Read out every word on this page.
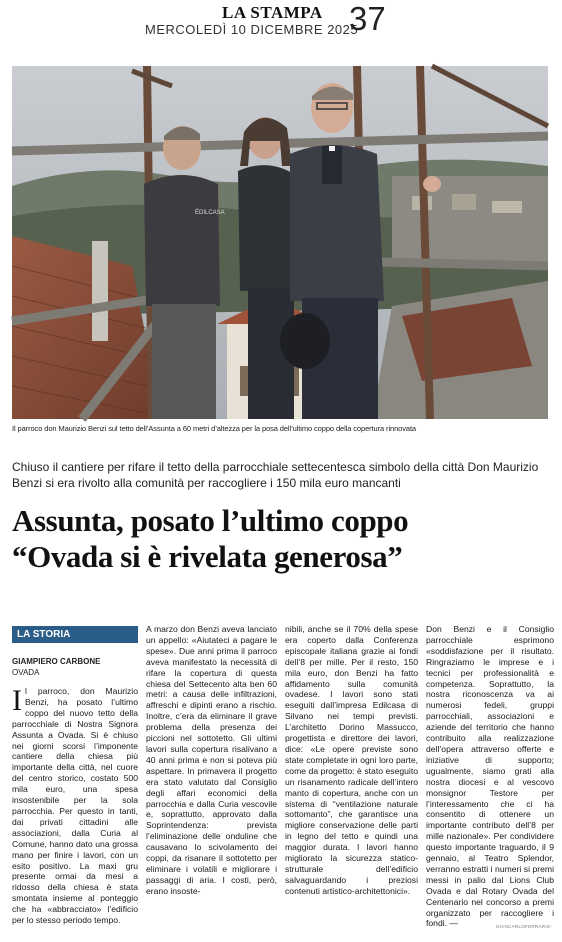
LA STAMPA
MERCOLEDÌ 10 DICEMBRE 2025
37
ÉDILCASA
Il parroco don Maurizio Benzi sul tetto dell’Assunta a 60 metri d’altezza per la posa dell’ultimo coppo della copertura rinnovata
Chiuso il cantiere per rifare il tetto della parrocchiale settecentesca simbolo della città Don Maurizio Benzi si era rivolto alla comunità per raccogliere i 150 mila euro mancanti
Assunta, posato l’ultimo coppo
“Ovada si è rivelata generosa”
LA STORIA
GIAMPIERO CARBONE
OVADA

Il parroco, don Maurizio Benzi, ha posato l’ultimo coppo del nuovo tetto della parrocchiale di Nostra Signora Assunta a Ovada. Si è chiuso nei giorni scorsi l’imponente cantiere della chiesa più importante della città, nel cuore del centro storico, costato 500 mila euro, una spesa insostenibile per la sola parrocchia. Per questo in tanti, dai privati cittadini alle associazioni, dalla Curia al Comune, hanno dato una grossa mano per finire i lavori, con un esito positivo. La maxi gru presente ormai da mesi a ridosso della chiesa è stata smontata insieme al ponteggio che ha «abbracciato» l’edificio per lo stesso periodo tempo.

A marzo don Benzi aveva lanciato un appello: «Aiutateci a pagare le spese». Due anni prima il parroco aveva manifestato la necessità di rifare la copertura di questa chiesa del Settecento alta ben 60 metri: a causa delle infiltrazioni, affreschi e dipinti erano a rischio. Inoltre, c’era da eliminare il grave problema della presenza dei piccioni nel sottotetto. Gli ultimi lavori sulla copertura risalivano a 40 anni prima e non si poteva più aspettare. In primavera il progetto era stato valutato dal Consiglio degli affari economici della parrocchia e dalla Curia vescovile e, soprattutto, approvato dalla Soprintendenza: prevista l’eliminazione delle onduline che causavano lo scivolamento dei coppi, da risanare il sottotetto per eliminare i volatili e migliorare i passaggi di aria. I costi, però, erano insoste-

nibili, anche se il 70% della spese era coperto dalla Conferenza episcopale italiana grazie ai fondi dell’8 per mille. Per il resto, 150 mila euro, don Benzi ha fatto affidamento sulla comunità ovadese. I lavori sono stati eseguiti dall’impresa Edilcasa di Silvano nei tempi previsti. L’architetto Dorino Massucco, progettista e direttore dei lavori, dice: «Le opere previste sono state completate in ogni loro parte, come da progetto: è stato eseguito un risanamento radicale dell’intero manto di copertura, anche con un sistema di “ventilazione naturale sottomanto”, che garantisce una migliore conservazione delle parti in legno del tetto e quindi una maggior durata. I lavori hanno migliorato la sicurezza statico-strutturale dell’edificio salvaguardando i preziosi contenuti artistico-architettonici».

Don Benzi e il Consiglio parrocchiale esprimono «soddisfazione per il risultato. Ringraziamo le imprese e i tecnici per professionalità e competenza. Soprattutto, la nostra riconoscenza va ai numerosi fedeli, gruppi parrocchiali, associazioni e aziende del territorio che hanno contribuito alla realizzazione dell’opera attraverso offerte e iniziative di supporto; ugualmente, siamo grati alla nostra diocesi e al vescovo monsignor Testore per l’interessamento che ci ha consentito di ottenere un importante contributo dell’8 per mille nazionale». Per condividere questo importante traguardo, il 9 gennaio, al Teatro Splendor, verranno estratti i numeri si premi messi in palio dal Lions Club Ovada e dal Rotary Ovada del Centenario nel concorso a premi organizzato per raccogliere i fondi. —	GIANCARLOFERRARIS-
